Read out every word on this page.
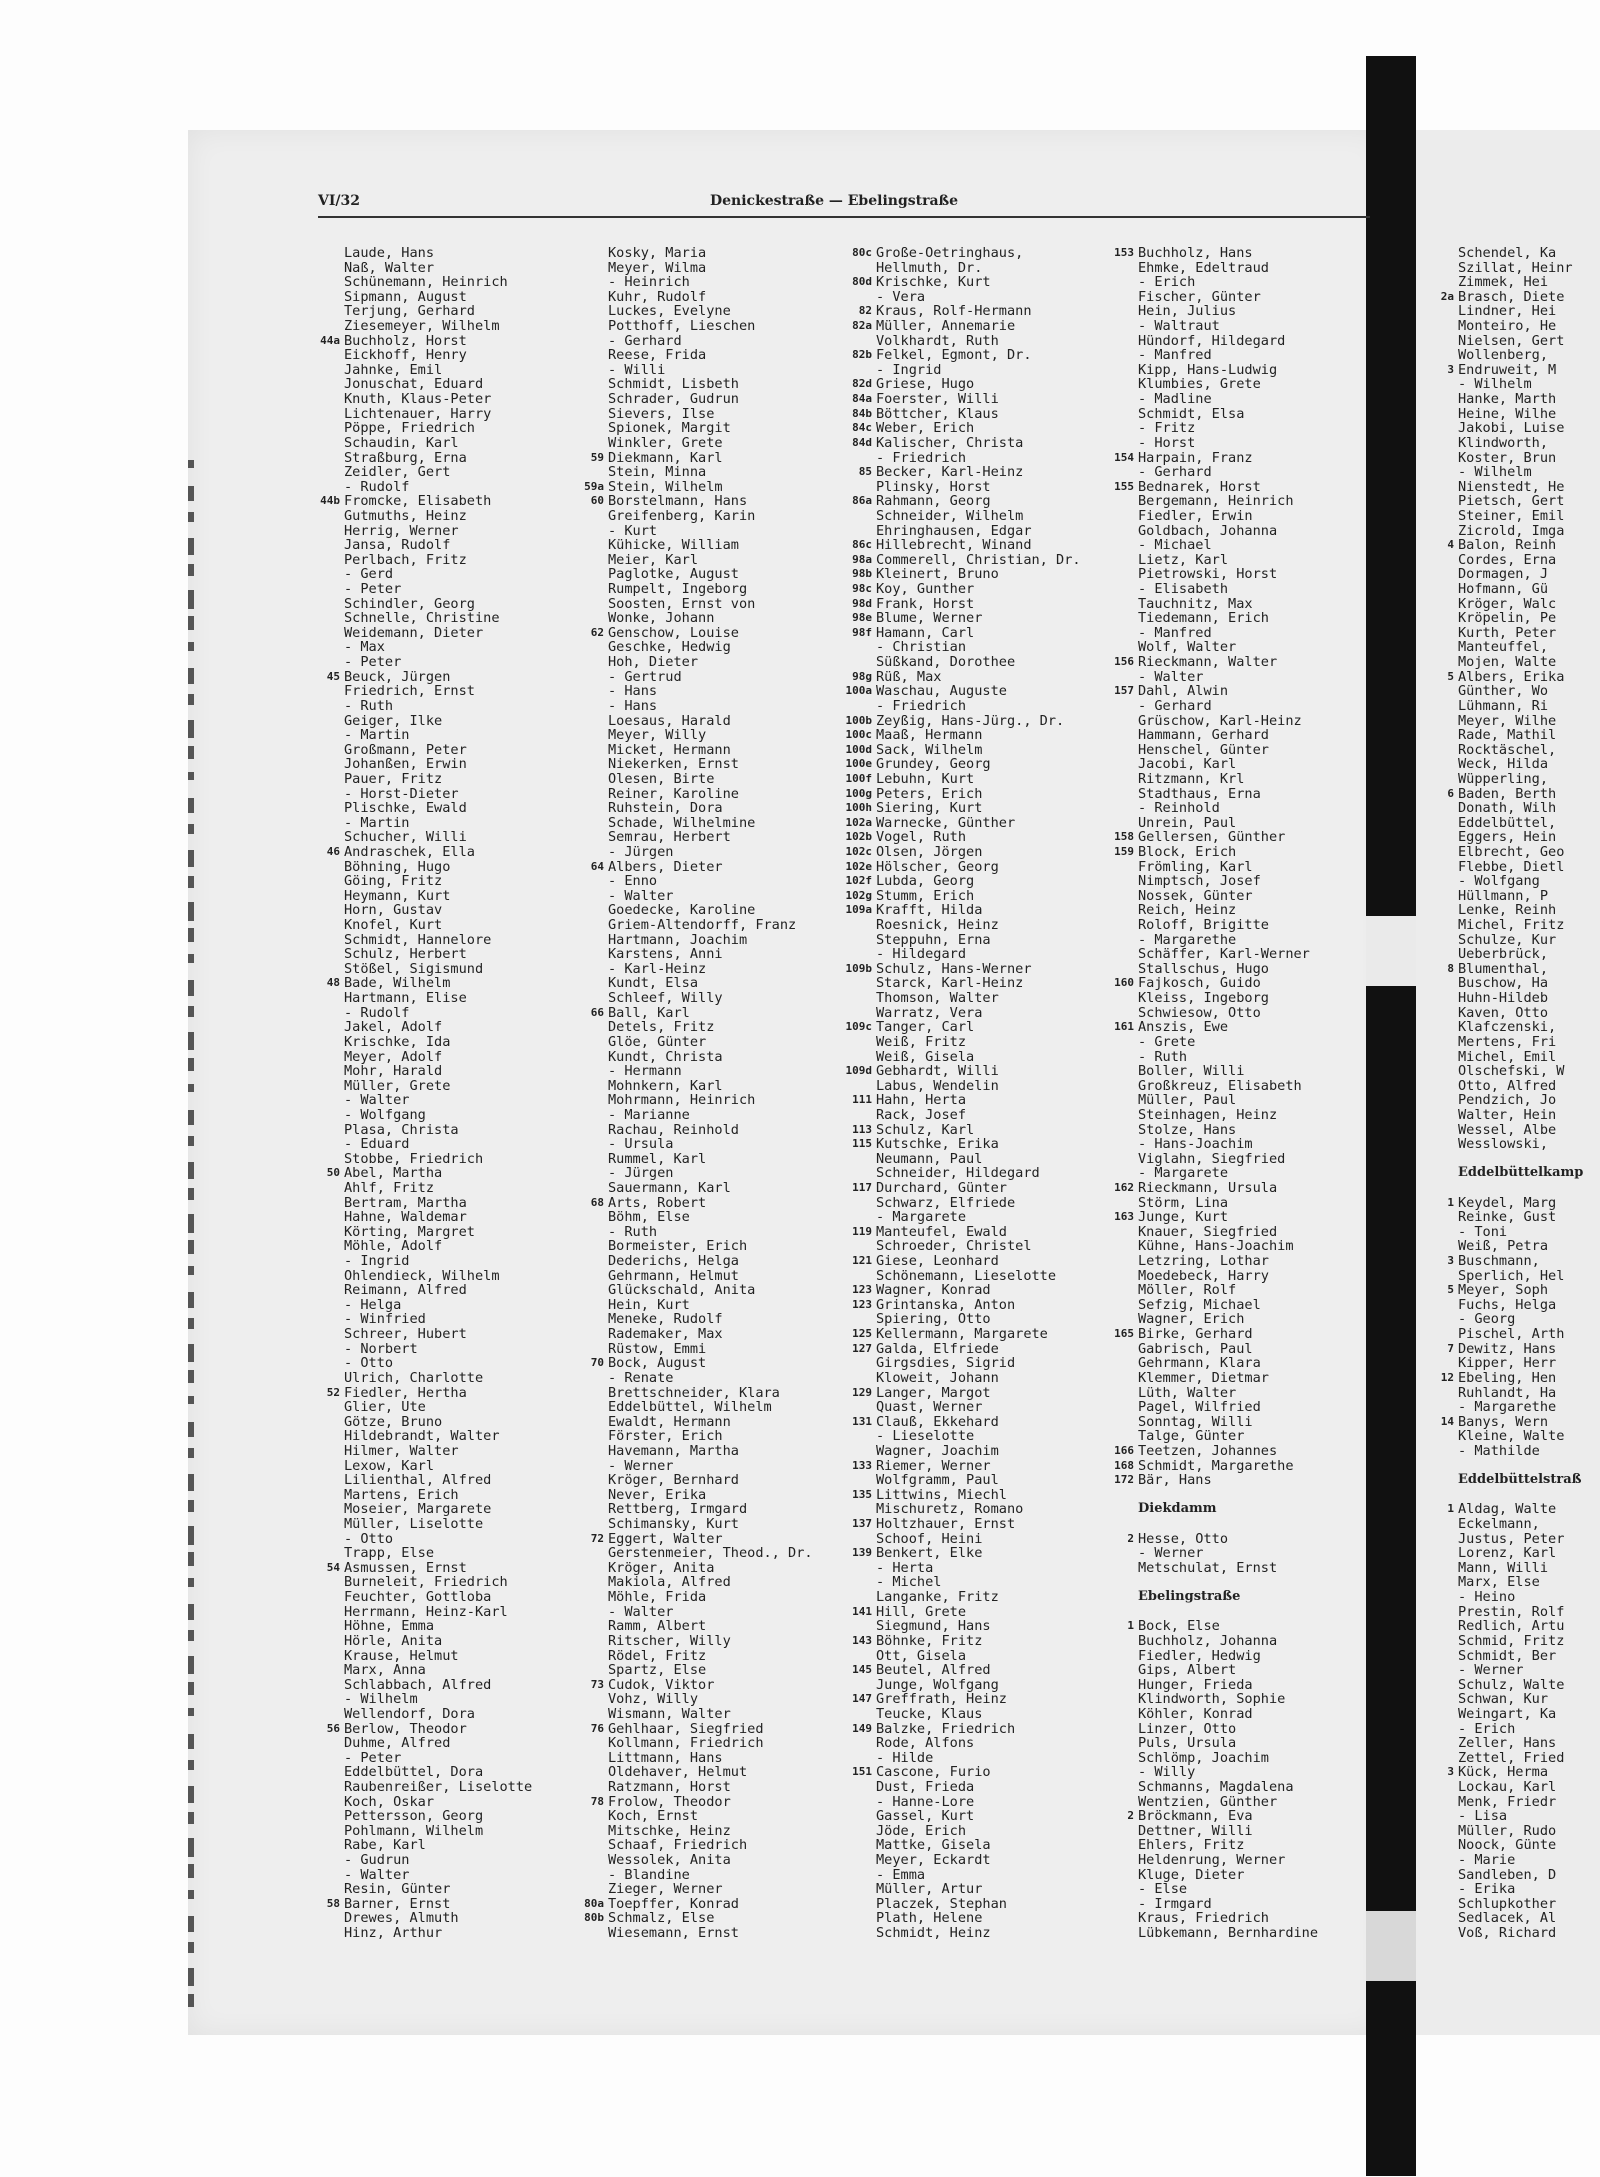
VI/32	Denickestraße — Ebelingstraße
Laude, Hans
Naß, Walter
Schünemann, Heinrich
Sipmann, August
Terjung, Gerhard
Ziesemeyer, Wilhelm
44a Buchholz, Horst
Eickhoff, Henry
Jahnke, Emil
Jonuschat, Eduard
Knuth, Klaus-Peter
Lichtenauer, Harry
Pöppe, Friedrich
Schaudin, Karl
Straßburg, Erna
Zeidler, Gert
- Rudolf
44b Fromcke, Elisabeth
Gutmuths, Heinz
Herrig, Werner
Jansa, Rudolf
Perlbach, Fritz
- Gerd
- Peter
Schindler, Georg
Schnelle, Christine
Weidemann, Dieter
- Max
- Peter
45 Beuck, Jürgen
Friedrich, Ernst
- Ruth
Geiger, Ilke
- Martin
Großmann, Peter
Johanßen, Erwin
Pauer, Fritz
- Horst-Dieter
Plischke, Ewald
- Martin
Schucher, Willi
46 Andraschek, Ella
Böhning, Hugo
Göing, Fritz
Heymann, Kurt
Horn, Gustav
Knofel, Kurt
Schmidt, Hannelore
Schulz, Herbert
Stößel, Sigismund
48 Bade, Wilhelm
Hartmann, Elise
- Rudolf
Jakel, Adolf
Krischke, Ida
Meyer, Adolf
Mohr, Harald
Müller, Grete
- Walter
- Wolfgang
Plasa, Christa
- Eduard
Stobbe, Friedrich
50 Abel, Martha
Ahlf, Fritz
Bertram, Martha
Hahne, Waldemar
Körting, Margret
Möhle, Adolf
- Ingrid
Ohlendieck, Wilhelm
Reimann, Alfred
- Helga
- Winfried
Schreer, Hubert
- Norbert
- Otto
Ulrich, Charlotte
52 Fiedler, Hertha
Glier, Ute
Götze, Bruno
Hildebrandt, Walter
Hilmer, Walter
Lexow, Karl
Lilienthal, Alfred
Martens, Erich
Moseier, Margarete
Müller, Liselotte
- Otto
Trapp, Else
54 Asmussen, Ernst
Burneleit, Friedrich
Feuchter, Gottloba
Herrmann, Heinz-Karl
Höhne, Emma
Hörle, Anita
Krause, Helmut
Marx, Anna
Schlabbach, Alfred
- Wilhelm
Wellendorf, Dora
56 Berlow, Theodor
Duhme, Alfred
- Peter
Eddelbüttel, Dora
Raubenreißer, Liselotte
Koch, Oskar
Pettersson, Georg
Pohlmann, Wilhelm
Rabe, Karl
- Gudrun
- Walter
Resin, Günter
58 Barner, Ernst
Drewes, Almuth
Hinz, Arthur
Kosky, Maria
Meyer, Wilma
- Heinrich
Kuhr, Rudolf
Luckes, Evelyne
Potthoff, Lieschen
- Gerhard
Reese, Frida
- Willi
Schmidt, Lisbeth
Schrader, Gudrun
Sievers, Ilse
Spionek, Margit
Winkler, Grete
59 Diekmann, Karl
Stein, Minna
59a Stein, Wilhelm
60 Borstelmann, Hans
Greifenberg, Karin
- Kurt
Kühicke, William
Meier, Karl
Paglotke, August
Rumpelt, Ingeborg
Soosten, Ernst von
Wonke, Johann
62 Genschow, Louise
Geschke, Hedwig
Hoh, Dieter
- Gertrud
- Hans
- Hans
Loesaus, Harald
Meyer, Willy
Micket, Hermann
Niekerken, Ernst
Olesen, Birte
Reiner, Karoline
Ruhstein, Dora
Schade, Wilhelmine
Semrau, Herbert
- Jürgen
64 Albers, Dieter
- Enno
- Walter
Goedecke, Karoline
Griem-Altendorff, Franz
Hartmann, Joachim
Karstens, Anni
- Karl-Heinz
Kundt, Elsa
Schleef, Willy
66 Ball, Karl
Detels, Fritz
Glöe, Günter
Kundt, Christa
- Hermann
Mohnkern, Karl
Mohrmann, Heinrich
- Marianne
Rachau, Reinhold
- Ursula
Rummel, Karl
- Jürgen
Sauermann, Karl
68 Arts, Robert
Böhm, Else
- Ruth
Bormeister, Erich
Dederichs, Helga
Gehrmann, Helmut
Glückschald, Anita
Hein, Kurt
Meneke, Rudolf
Rademaker, Max
Rüstow, Emmi
70 Bock, August
- Renate
Brettschneider, Klara
Eddelbüttel, Wilhelm
Ewaldt, Hermann
Förster, Erich
Havemann, Martha
- Werner
Kröger, Bernhard
Never, Erika
Rettberg, Irmgard
Schimansky, Kurt
72 Eggert, Walter
Gerstenmeier, Theod., Dr.
Kröger, Anita
Makiola, Alfred
Möhle, Frida
- Walter
Ramm, Albert
Ritscher, Willy
Rödel, Fritz
Spartz, Else
73 Cudok, Viktor
Vohz, Willy
Wismann, Walter
76 Gehlhaar, Siegfried
Kollmann, Friedrich
Littmann, Hans
Oldehaver, Helmut
Ratzmann, Horst
78 Frolow, Theodor
Koch, Ernst
Mitschke, Heinz
Schaaf, Friedrich
Wessolek, Anita
- Blandine
Zieger, Werner
80a Toepffer, Konrad
80b Schmalz, Else
Wiesemann, Ernst
80c Große-Oetringhaus,
Hellmuth, Dr.
80d Krischke, Kurt
- Vera
82 Kraus, Rolf-Hermann
82a Müller, Annemarie
Volkhardt, Ruth
82b Felkel, Egmont, Dr.
- Ingrid
82d Griese, Hugo
84a Foerster, Willi
84b Böttcher, Klaus
84c Weber, Erich
84d Kalischer, Christa
- Friedrich
85 Becker, Karl-Heinz
Plinsky, Horst
86a Rahmann, Georg
Schneider, Wilhelm
Ehringhausen, Edgar
86c Hillebrecht, Winand
98a Commerell, Christian, Dr.
98b Kleinert, Bruno
98c Koy, Gunther
98d Frank, Horst
98e Blume, Werner
98f Hamann, Carl
- Christian
Süßkand, Dorothee
98g Rüß, Max
100a Waschau, Auguste
- Friedrich
100b Zeyßig, Hans-Jürg., Dr.
100c Maaß, Hermann
100d Sack, Wilhelm
100e Grundey, Georg
100f Lebuhn, Kurt
100g Peters, Erich
100h Siering, Kurt
102a Warnecke, Günther
102b Vogel, Ruth
102c Olsen, Jörgen
102e Hölscher, Georg
102f Lubda, Georg
102g Stumm, Erich
109a Krafft, Hilda
Roesnick, Heinz
Steppuhn, Erna
- Hildegard
109b Schulz, Hans-Werner
Starck, Karl-Heinz
Thomson, Walter
Warratz, Vera
109c Tanger, Carl
Weiß, Fritz
Weiß, Gisela
109d Gebhardt, Willi
Labus, Wendelin
111 Hahn, Herta
Rack, Josef
113 Schulz, Karl
115 Kutschke, Erika
Neumann, Paul
Schneider, Hildegard
117 Durchard, Günter
Schwarz, Elfriede
- Margarete
119 Manteufel, Ewald
Schroeder, Christel
121 Giese, Leonhard
Schönemann, Lieselotte
123 Wagner, Konrad
123 Grintanska, Anton
Spiering, Otto
125 Kellermann, Margarete
127 Galda, Elfriede
Girgsdies, Sigrid
Kloweit, Johann
129 Langer, Margot
Quast, Werner
131 Clauß, Ekkehard
- Lieselotte
Wagner, Joachim
133 Riemer, Werner
Wolfgramm, Paul
135 Littwins, Miechl
Mischuretz, Romano
137 Holtzhauer, Ernst
Schoof, Heini
139 Benkert, Elke
- Herta
- Michel
Langanke, Fritz
141 Hill, Grete
Siegmund, Hans
143 Böhnke, Fritz
Ott, Gisela
145 Beutel, Alfred
Junge, Wolfgang
147 Greffrath, Heinz
Teucke, Klaus
149 Balzke, Friedrich
Rode, Alfons
- Hilde
151 Cascone, Furio
Dust, Frieda
- Hanne-Lore
Gassel, Kurt
Jöde, Erich
Mattke, Gisela
Meyer, Eckardt
- Emma
Müller, Artur
Placzek, Stephan
Plath, Helene
Schmidt, Heinz
153 Buchholz, Hans
Ehmke, Edeltraud
- Erich
Fischer, Günter
Hein, Julius
- Waltraut
Hündorf, Hildegard
- Manfred
Kipp, Hans-Ludwig
Klumbies, Grete
- Madline
Schmidt, Elsa
- Fritz
- Horst
154 Harpain, Franz
- Gerhard
155 Bednarek, Horst
Bergemann, Heinrich
Fiedler, Erwin
Goldbach, Johanna
- Michael
Lietz, Karl
Pietrowski, Horst
- Elisabeth
Tauchnitz, Max
Tiedemann, Erich
- Manfred
Wolf, Walter
156 Rieckmann, Walter
- Walter
157 Dahl, Alwin
- Gerhard
Grüschow, Karl-Heinz
Hammann, Gerhard
Henschel, Günter
Jacobi, Karl
Ritzmann, Krl
Stadthaus, Erna
- Reinhold
Unrein, Paul
158 Gellersen, Günther
159 Block, Erich
Frömling, Karl
Nimptsch, Josef
Nossek, Günter
Reich, Heinz
Roloff, Brigitte
- Margarethe
Schäffer, Karl-Werner
Stallschus, Hugo
160 Fajkosch, Guido
Kleiss, Ingeborg
Schwiesow, Otto
161 Anszis, Ewe
- Grete
- Ruth
Boller, Willi
Großkreuz, Elisabeth
Müller, Paul
Steinhagen, Heinz
Stolze, Hans
- Hans-Joachim
Viglahn, Siegfried
- Margarete
162 Rieckmann, Ursula
Störm, Lina
163 Junge, Kurt
Knauer, Siegfried
Kühne, Hans-Joachim
Letzring, Lothar
Moedebeck, Harry
Möller, Rolf
Sefzig, Michael
Wagner, Erich
165 Birke, Gerhard
Gabrisch, Paul
Gehrmann, Klara
Klemmer, Dietmar
Lüth, Walter
Pagel, Wilfried
Sonntag, Willi
Talge, Günter
166 Teetzen, Johannes
168 Schmidt, Margarethe
172 Bär, Hans
Diekdamm
2 Hesse, Otto
- Werner
Metschulat, Ernst
Ebelingstraße
1 Bock, Else
Buchholz, Johanna
Fiedler, Hedwig
Gips, Albert
Hunger, Frieda
Klindworth, Sophie
Köhler, Konrad
Linzer, Otto
Puls, Ursula
Schlömp, Joachim
- Willy
Schmanns, Magdalena
Wentzien, Günther
2 Bröckmann, Eva
Dettner, Willi
Ehlers, Fritz
Heldenrung, Werner
Kluge, Dieter
- Else
- Irmgard
Kraus, Friedrich
Lübkemann, Bernhardine
Schendel, Ka
Szillat, Heinr
Zimmek, Hei
2a Brasch, Diete
Lindner, Hei
Monteiro, He
Nielsen, Gert
Wollenberg,
3 Endruweit, M
- Wilhelm
Hanke, Marth
Heine, Wilhe
Jakobi, Luise
Klindworth,
Koster, Brun
- Wilhelm
Nienstedt, He
Pietsch, Gert
Steiner, Emil
Zicrold, Imga
4 Balon, Reinh
Cordes, Erna
Dormagen, J
Hofmann, Gü
Kröger, Walc
Kröpelin, Pe
Kurth, Peter
Manteuffel,
Mojen, Walte
5 Albers, Erika
Günther, Wo
Lühmann, Ri
Meyer, Wilhe
Rade, Mathil
Rocktäschel,
Weck, Hilda
Wüpperling,
6 Baden, Berth
Donath, Wilh
Eddelbüttel,
Eggers, Hein
Elbrecht, Geo
Flebbe, Dietl
- Wolfgang
Hüllmann, P
Lenke, Reinh
Michel, Fritz
Schulze, Kur
Ueberbrück,
8 Blumenthal,
Buschow, Ha
Huhn-Hildeb
Kaven, Otto
Klafczenski,
Mertens, Fri
Michel, Emil
Olschefski, W
Otto, Alfred
Pendzich, Jo
Walter, Hein
Wessel, Albe
Wesslowski,
Eddelbüttelkamp
1 Keydel, Marg
Reinke, Gust
- Toni
Weiß, Petra
3 Buschmann,
Sperlich, Hel
5 Meyer, Soph
Fuchs, Helga
- Georg
Pischel, Arth
7 Dewitz, Hans
Kipper, Herr
12 Ebeling, Hen
Ruhlandt, Ha
- Margarethe
14 Banys, Wern
Kleine, Walte
- Mathilde
Eddelbüttelstraß
1 Aldag, Walte
Eckelmann,
Justus, Peter
Lorenz, Karl
Mann, Willi
Marx, Else
- Heino
Prestin, Rolf
Redlich, Artu
Schmid, Fritz
Schmidt, Ber
- Werner
Schulz, Walte
Schwan, Kur
Weingart, Ka
- Erich
Zeller, Hans
Zettel, Fried
3 Kück, Herma
Lockau, Karl
Menk, Friedr
- Lisa
Müller, Rudo
Noock, Günte
- Marie
Sandleben, D
- Erika
Schlupkother
Sedlacek, Al
Voß, Richard
